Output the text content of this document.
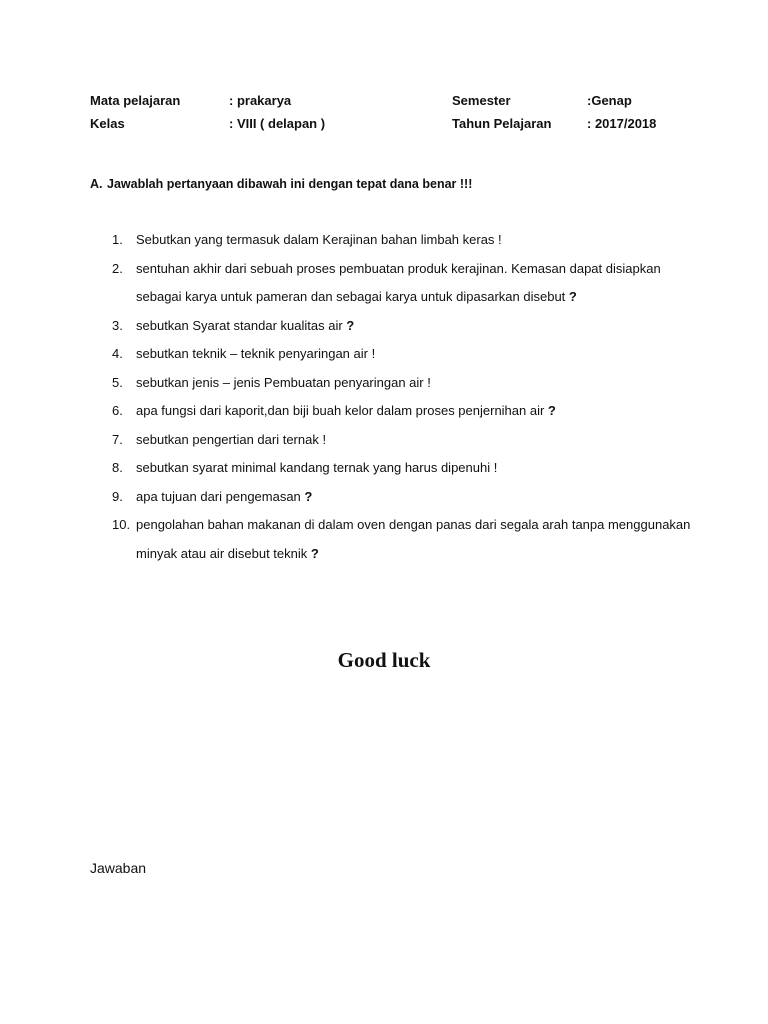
Mata pelajaran	: prakarya	Semester	:Genap
Kelas	: VIII ( delapan )	Tahun Pelajaran	: 2017/2018
A. Jawablah pertanyaan dibawah ini dengan tepat dana benar !!!
1.	Sebutkan yang termasuk dalam Kerajinan bahan limbah keras !
2.	sentuhan akhir dari sebuah proses pembuatan produk kerajinan. Kemasan dapat disiapkan sebagai karya untuk pameran dan sebagai karya untuk dipasarkan disebut ?
3.	sebutkan Syarat standar kualitas air ?
4.	sebutkan teknik – teknik penyaringan air !
5.	sebutkan jenis – jenis Pembuatan penyaringan air !
6.	apa fungsi dari kaporit,dan biji buah kelor dalam proses penjernihan air ?
7.	sebutkan pengertian dari ternak !
8.	sebutkan syarat minimal kandang ternak yang harus dipenuhi !
9.	apa tujuan dari pengemasan ?
10. pengolahan bahan makanan di dalam oven dengan panas dari segala arah tanpa menggunakan minyak atau air disebut teknik ?
Good luck
Jawaban
